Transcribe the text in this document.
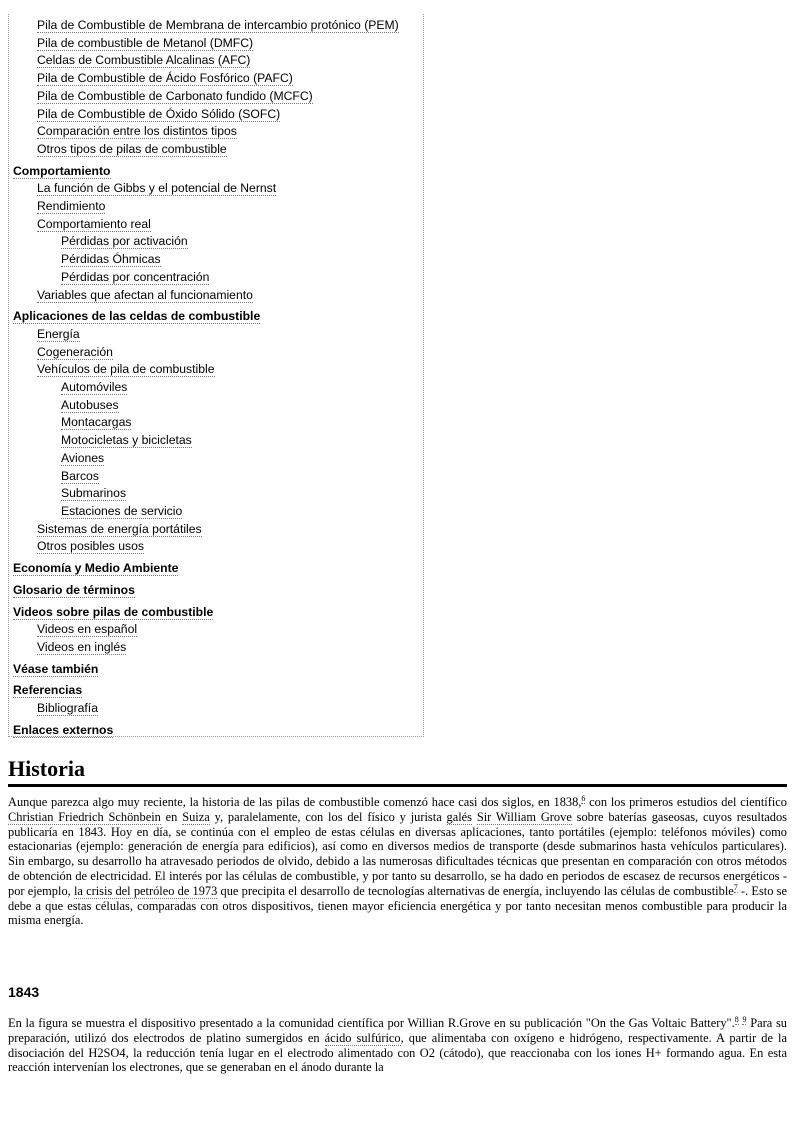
Pila de Combustible de Membrana de intercambio protónico (PEM)
Pila de combustible de Metanol (DMFC)
Celdas de Combustible Alcalinas (AFC)
Pila de Combustible de Ácido Fosfórico (PAFC)
Pila de Combustible de Carbonato fundido (MCFC)
Pila de Combustible de Óxido Sólido (SOFC)
Comparación entre los distintos tipos
Otros tipos de pilas de combustible
Comportamiento
La función de Gibbs y el potencial de Nernst
Rendimiento
Comportamiento real
Pérdidas por activación
Pérdidas Óhmicas
Pérdidas por concentración
Variables que afectan al funcionamiento
Aplicaciones de las celdas de combustible
Energía
Cogeneración
Vehículos de pila de combustible
Automóviles
Autobuses
Montacargas
Motocicletas y bicicletas
Aviones
Barcos
Submarinos
Estaciones de servicio
Sistemas de energía portátiles
Otros posibles usos
Economía y Medio Ambiente
Glosario de términos
Videos sobre pilas de combustible
Videos en español
Videos en inglés
Véase también
Referencias
Bibliografía
Enlaces externos
Historia

Aunque parezca algo muy reciente, la historia de las pilas de combustible comenzó hace casi dos siglos, en 1838,$^6$ con los primeros estudios del científico Christian Friedrich Schönbein en Suiza y, paralelamente, con los del físico y jurista galés Sir William Grove sobre baterías gaseosas, cuyos resultados publicaría en 1843. Hoy en día, se continúa con el empleo de estas células en diversas aplicaciones, tanto portátiles (ejemplo: teléfonos móviles) como estacionarias (ejemplo: generación de energía para edificios), así como en diversos medios de transporte (desde submarinos hasta vehículos particulares). Sin embargo, su desarrollo ha atravesado periodos de olvido, debido a las numerosas dificultades técnicas que presentan en comparación con otros métodos de obtención de electricidad. El interés por las células de combustible, y por tanto su desarrollo, se ha dado en periodos de escasez de recursos energéticos - por ejemplo, la crisis del petróleo de 1973 que precipita el desarrollo de tecnologías alternativas de energía, incluyendo las células de combustible$^7$ -. Esto se debe a que estas células, comparadas con otros dispositivos, tienen mayor eficiencia energética y por tanto necesitan menos combustible para producir la misma energía.

1843

En la figura se muestra el dispositivo presentado a la comunidad científica por Willian R.Grove en su publicación "On the Gas Voltaic Battery".$^8$ $^9$ Para su preparación, utilizó dos electrodos de platino sumergidos en ácido sulfúrico, que alimentaba con oxígeno e hidrógeno, respectivamente. A partir de la disociación del H2SO4, la reducción tenía lugar en el electrodo alimentado con O2 (cátodo), que reaccionaba con los iones H+ formando agua. En esta reacción intervenían los electrones, que se generaban en el ánodo durante la
